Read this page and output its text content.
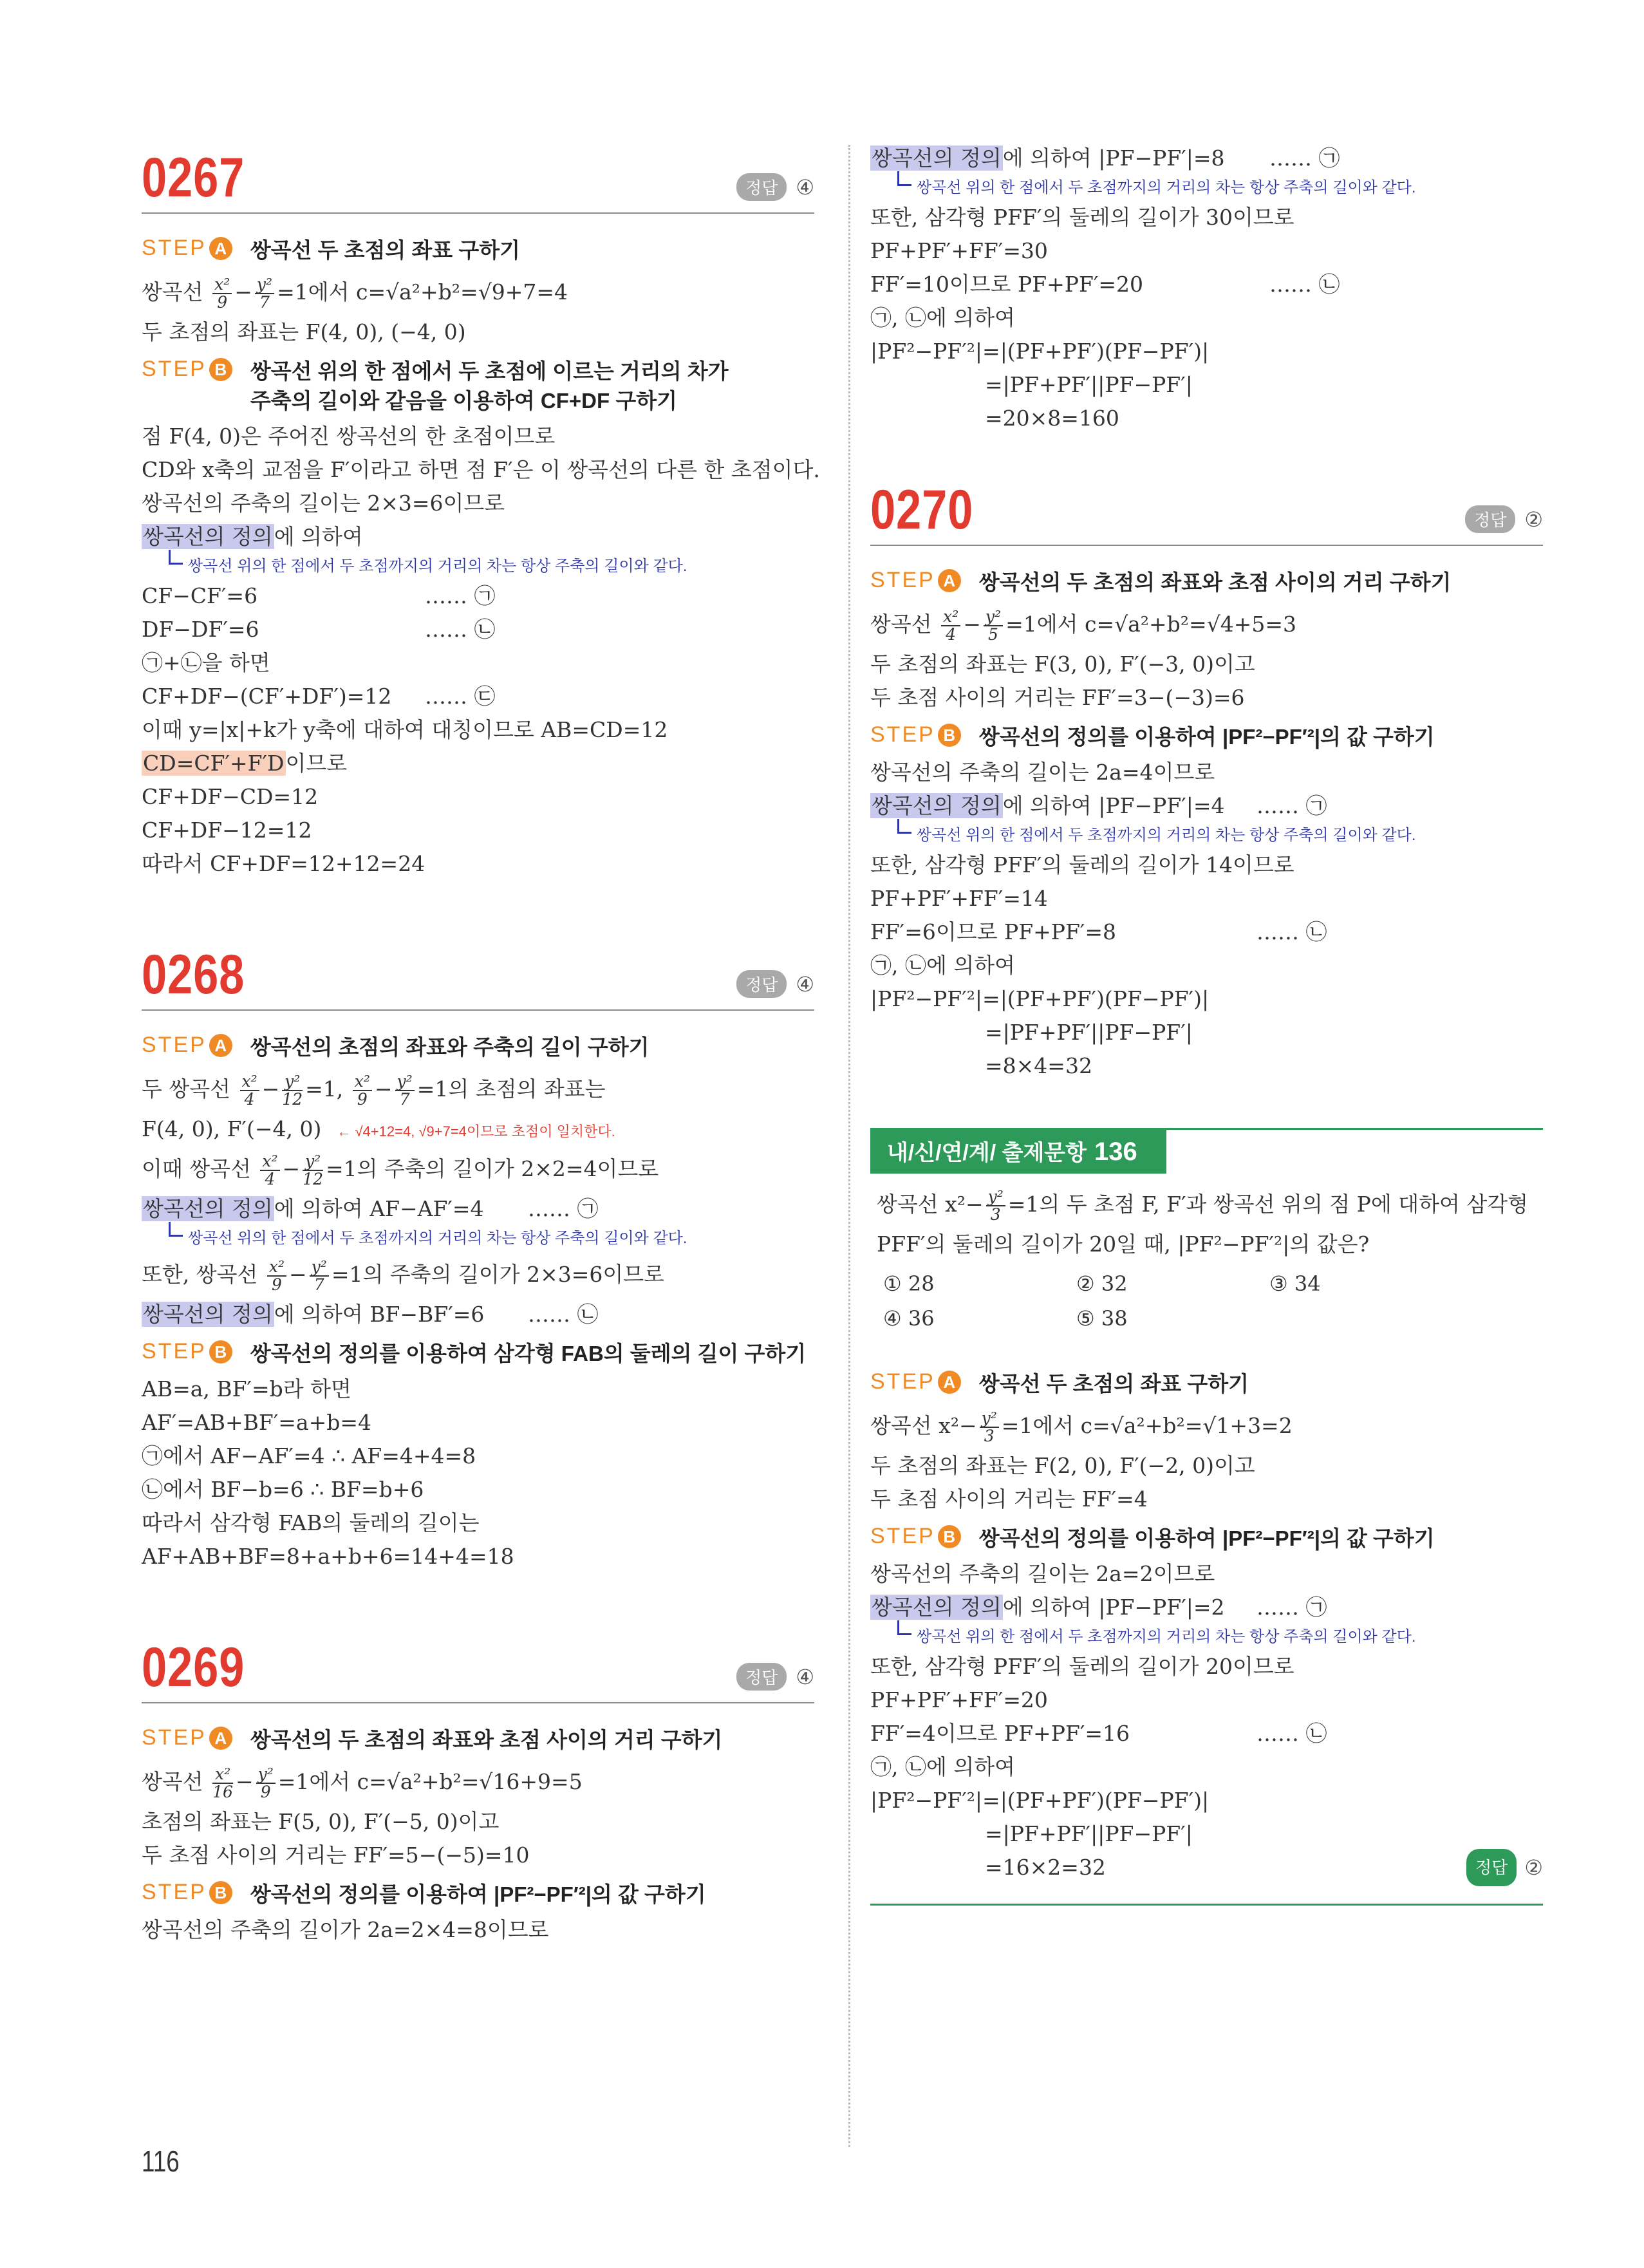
0267	정답 ④
STEP A 쌍곡선 두 초점의 좌표 구하기
쌍곡선 $\frac{\text{x²}}{9} - \frac{\text{y²}}{7} =1$에서 c=√a²+b²=√9+7=4
두 초점의 좌표는 F(4, 0), (−4, 0)
STEP B 쌍곡선 위의 한 점에서 두 초점에 이르는 거리의 차가 주축의 길이와 같음을 이용하여 CF+DF 구하기
점 F(4, 0)은 주어진 쌍곡선의 한 초점이므로
CD와 x축의 교점을 F′이라고 하면 점 F′은 이 쌍곡선의 다른 한 초점이다.
쌍곡선의 주축의 길이는 2×3=6이므로
쌍곡선의 정의에 의하여
쌍곡선 위의 한 점에서 두 초점까지의 거리의 차는 항상 주축의 길이와 같다.
CF−CF′=6	…… ㉠
DF−DF′=6	…… ㉡
㉠+㉡을 하면
CF+DF−(CF′+DF′)=12 …… ㉢
이때 y=|x|+k가 y축에 대하여 대칭이므로 AB=CD=12
CD=CF′+F′D이므로
CF+DF−CD=12
CF+DF−12=12
따라서 CF+DF=12+12=24
0268	정답 ④
STEP A 쌍곡선의 초점의 좌표와 주축의 길이 구하기
두 쌍곡선 $\frac{\text{x²}}{4} - \frac{\text{y²}}{12} =1$, $\frac{\text{x²}}{9} - \frac{\text{y²}}{7} =1$의 초점의 좌표는
F(4, 0), F′(−4, 0) ← √4+12=4, √9+7=4이므로 초점이 일치한다.
이때 쌍곡선 $\frac{\text{x²}}{4} - \frac{\text{y²}}{12} =1$의 주축의 길이가 2×2=4이므로
쌍곡선의 정의에 의하여 AF−AF′=4 …… ㉠
쌍곡선 위의 한 점에서 두 초점까지의 거리의 차는 항상 주축의 길이와 같다.
또한, 쌍곡선 $\frac{\text{x²}}{9} - \frac{\text{y²}}{7} =1$의 주축의 길이가 2×3=6이므로
쌍곡선의 정의에 의하여 BF−BF′=6 …… ㉡
STEP B 쌍곡선의 정의를 이용하여 삼각형 FAB의 둘레의 길이 구하기
AB=a, BF′=b라 하면
AF′=AB+BF′=a+b=4
㉠에서 AF−AF′=4 ∴ AF=4+4=8
㉡에서 BF−b=6 ∴ BF=b+6
따라서 삼각형 FAB의 둘레의 길이는
AF+AB+BF=8+a+b+6=14+4=18
0269	정답 ④
STEP A 쌍곡선의 두 초점의 좌표와 초점 사이의 거리 구하기
쌍곡선 $\frac{\text{x²}}{16} - \frac{\text{y²}}{9} =1$에서 c=√a²+b²=√16+9=5
초점의 좌표는 F(5, 0), F′(−5, 0)이고
두 초점 사이의 거리는 FF′=5−(−5)=10
STEP B 쌍곡선의 정의를 이용하여 |PF²−PF′²|의 값 구하기
쌍곡선의 주축의 길이가 2a=2×4=8이므로
쌍곡선의 정의에 의하여 |PF−PF′|=8 …… ㉠
쌍곡선 위의 한 점에서 두 초점까지의 거리의 차는 항상 주축의 길이와 같다.
또한, 삼각형 PFF′의 둘레의 길이가 30이므로
PF+PF′+FF′=30
FF′=10이므로 PF+PF′=20	…… ㉡
㉠, ㉡에 의하여
|PF²−PF′²|=|(PF+PF′)(PF−PF′)|
=|PF+PF′||PF−PF′|
=20×8=160
0270	정답 ②
STEP A 쌍곡선의 두 초점의 좌표와 초점 사이의 거리 구하기
쌍곡선 $\frac{\text{x²}}{4} - \frac{\text{y²}}{5} =1$에서 c=√a²+b²=√4+5=3
두 초점의 좌표는 F(3, 0), F′(−3, 0)이고
두 초점 사이의 거리는 FF′=3−(−3)=6
STEP B 쌍곡선의 정의를 이용하여 |PF²−PF′²|의 값 구하기
쌍곡선의 주축의 길이는 2a=4이므로
쌍곡선의 정의에 의하여 |PF−PF′|=4 …… ㉠
쌍곡선 위의 한 점에서 두 초점까지의 거리의 차는 항상 주축의 길이와 같다.
또한, 삼각형 PFF′의 둘레의 길이가 14이므로
PF+PF′+FF′=14
FF′=6이므로 PF+PF′=8	…… ㉡
㉠, ㉡에 의하여
|PF²−PF′²|=|(PF+PF′)(PF−PF′)|
=|PF+PF′||PF−PF′|
=8×4=32
내/신/연/계/ 출제문항 136
쌍곡선 $x^2- \frac{\text{y²}}{3} =1$의 두 초점 F, F′과 쌍곡선 위의 점 P에 대하여 삼각형
PFF′의 둘레의 길이가 20일 때, |PF²−PF′²|의 값은?
① 28	② 32	③ 34
④ 36	⑤ 38
STEP A 쌍곡선 두 초점의 좌표 구하기
쌍곡선 $x^2- \frac{\text{y²}}{3} =1$에서 c=√a²+b²=√1+3=2
두 초점의 좌표는 F(2, 0), F′(−2, 0)이고
두 초점 사이의 거리는 FF′=4
STEP B 쌍곡선의 정의를 이용하여 |PF²−PF′²|의 값 구하기
쌍곡선의 주축의 길이는 2a=2이므로
쌍곡선의 정의에 의하여 |PF−PF′|=2 …… ㉠
쌍곡선 위의 한 점에서 두 초점까지의 거리의 차는 항상 주축의 길이와 같다.
또한, 삼각형 PFF′의 둘레의 길이가 20이므로
PF+PF′+FF′=20
FF′=4이므로 PF+PF′=16	…… ㉡
㉠, ㉡에 의하여
|PF²−PF′²|=|(PF+PF′)(PF−PF′)|
=|PF+PF′||PF−PF′|
=16×2=32	정답 ②
116
